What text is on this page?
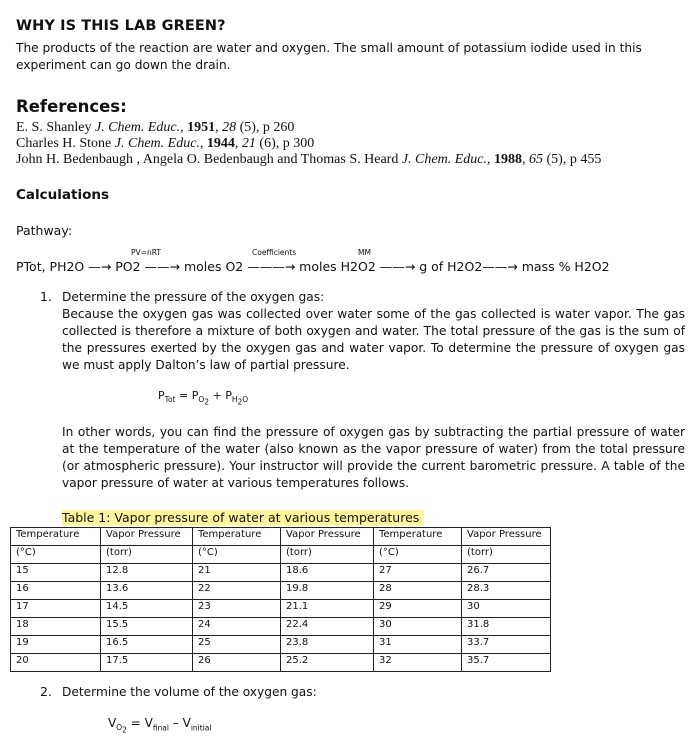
WHY IS THIS LAB GREEN?
The products of the reaction are water and oxygen. The small amount of potassium iodide used in this experiment can go down the drain.
References:
E. S. Shanley J. Chem. Educ., 1951, 28 (5), p 260
Charles H. Stone J. Chem. Educ., 1944, 21 (6), p 300
John H. Bedenbaugh , Angela O. Bedenbaugh and Thomas S. Heard J. Chem. Educ., 1988, 65 (5), p 455
Calculations
Pathway:
PV=nRT	Coefficients	MM
PTot, PH2O —→ PO2 ——→ moles O2 ———→ moles H2O2 ——→ g of H2O2——→ mass % H2O2
1. Determine the pressure of the oxygen gas:
Because the oxygen gas was collected over water some of the gas collected is water vapor. The gas collected is therefore a mixture of both oxygen and water. The total pressure of the gas is the sum of the pressures exerted by the oxygen gas and water vapor. To determine the pressure of oxygen gas we must apply Dalton’s law of partial pressure.
$P_{Tot} = P_{O_2} + P_{H_2O}$
In other words, you can find the pressure of oxygen gas by subtracting the partial pressure of water at the temperature of the water (also known as the vapor pressure of water) from the total pressure (or atmospheric pressure). Your instructor will provide the current barometric pressure. A table of the vapor pressure of water at various temperatures follows.
Table 1: Vapor pressure of water at various temperatures
Temperature	Vapor Pressure	Temperature	Vapor Pressure	Temperature	Vapor Pressure
(°C)	(torr)	(°C)	(torr)	(°C)	(torr)
15	12.8	21	18.6	27	26.7
16	13.6	22	19.8	28	28.3
17	14.5	23	21.1	29	30
18	15.5	24	22.4	30	31.8
19	16.5	25	23.8	31	33.7
20	17.5	26	25.2	32	35.7
2. Determine the volume of the oxygen gas:
$V_{O_2} = V_{final} - V_{initial}$
